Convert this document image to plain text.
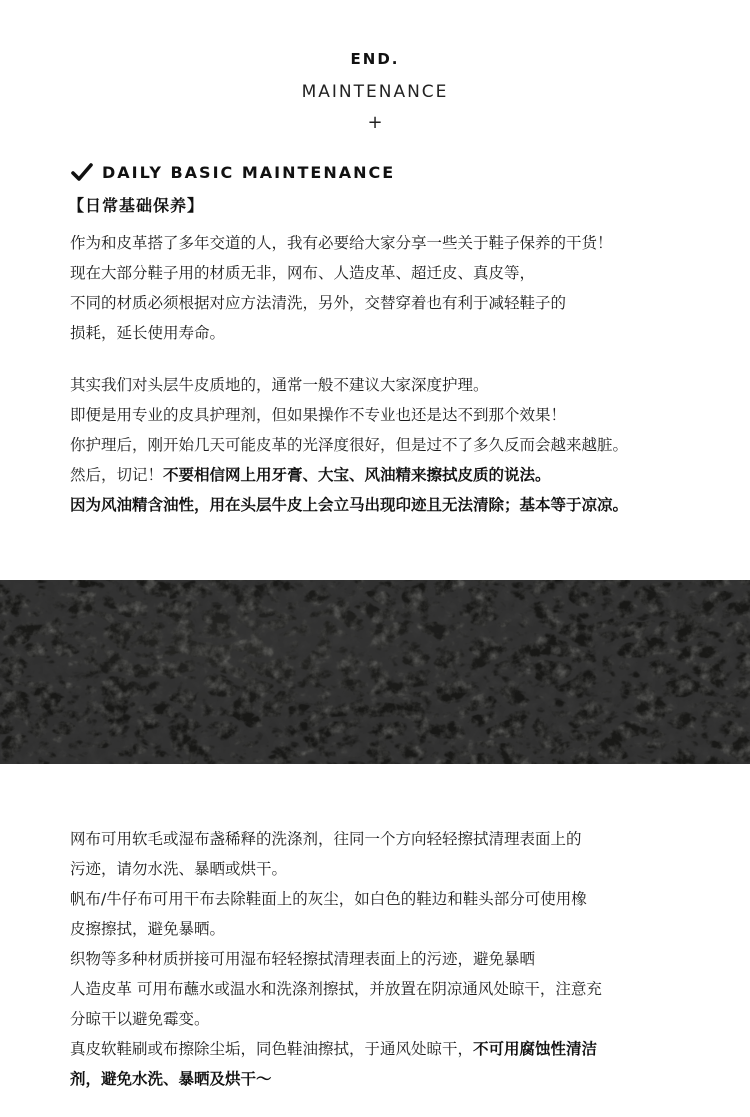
END.
MAINTENANCE
+
DAILY BASIC MAINTENANCE
【日常基础保养】
作为和皮革搭了多年交道的人，我有必要给大家分享一些关于鞋子保养的干货！
现在大部分鞋子用的材质无非，网布、人造皮革、超迁皮、真皮等，
不同的材质必须根据对应方法清洗，另外，交替穿着也有利于减轻鞋子的
损耗，延长使用寿命。
其实我们对头层牛皮质地的，通常一般不建议大家深度护理。
即便是用专业的皮具护理剂，但如果操作不专业也还是达不到那个效果！
你护理后，刚开始几天可能皮革的光泽度很好，但是过不了多久反而会越来越脏。
然后，切记！不要相信网上用牙膏、大宝、风油精来擦拭皮质的说法。
因为风油精含油性，用在头层牛皮上会立马出现印迹且无法清除；基本等于凉凉。
网布可用软毛或湿布盏稀释的洗涤剂，往同一个方向轻轻擦拭清理表面上的
污迹，请勿水洗、暴晒或烘干。
帆布/牛仔布可用干布去除鞋面上的灰尘，如白色的鞋边和鞋头部分可使用橡
皮擦擦拭，避免暴晒。
织物等多种材质拼接可用湿布轻轻擦拭清理表面上的污迹，避免暴晒
人造皮革 可用布蘸水或温水和洗涤剂擦拭，并放置在阴凉通风处晾干，注意充
分晾干以避免霉变。
真皮软鞋刷或布擦除尘垢，同色鞋油擦拭，于通风处晾干，不可用腐蚀性清洁
剂，避免水洗、暴晒及烘干～
